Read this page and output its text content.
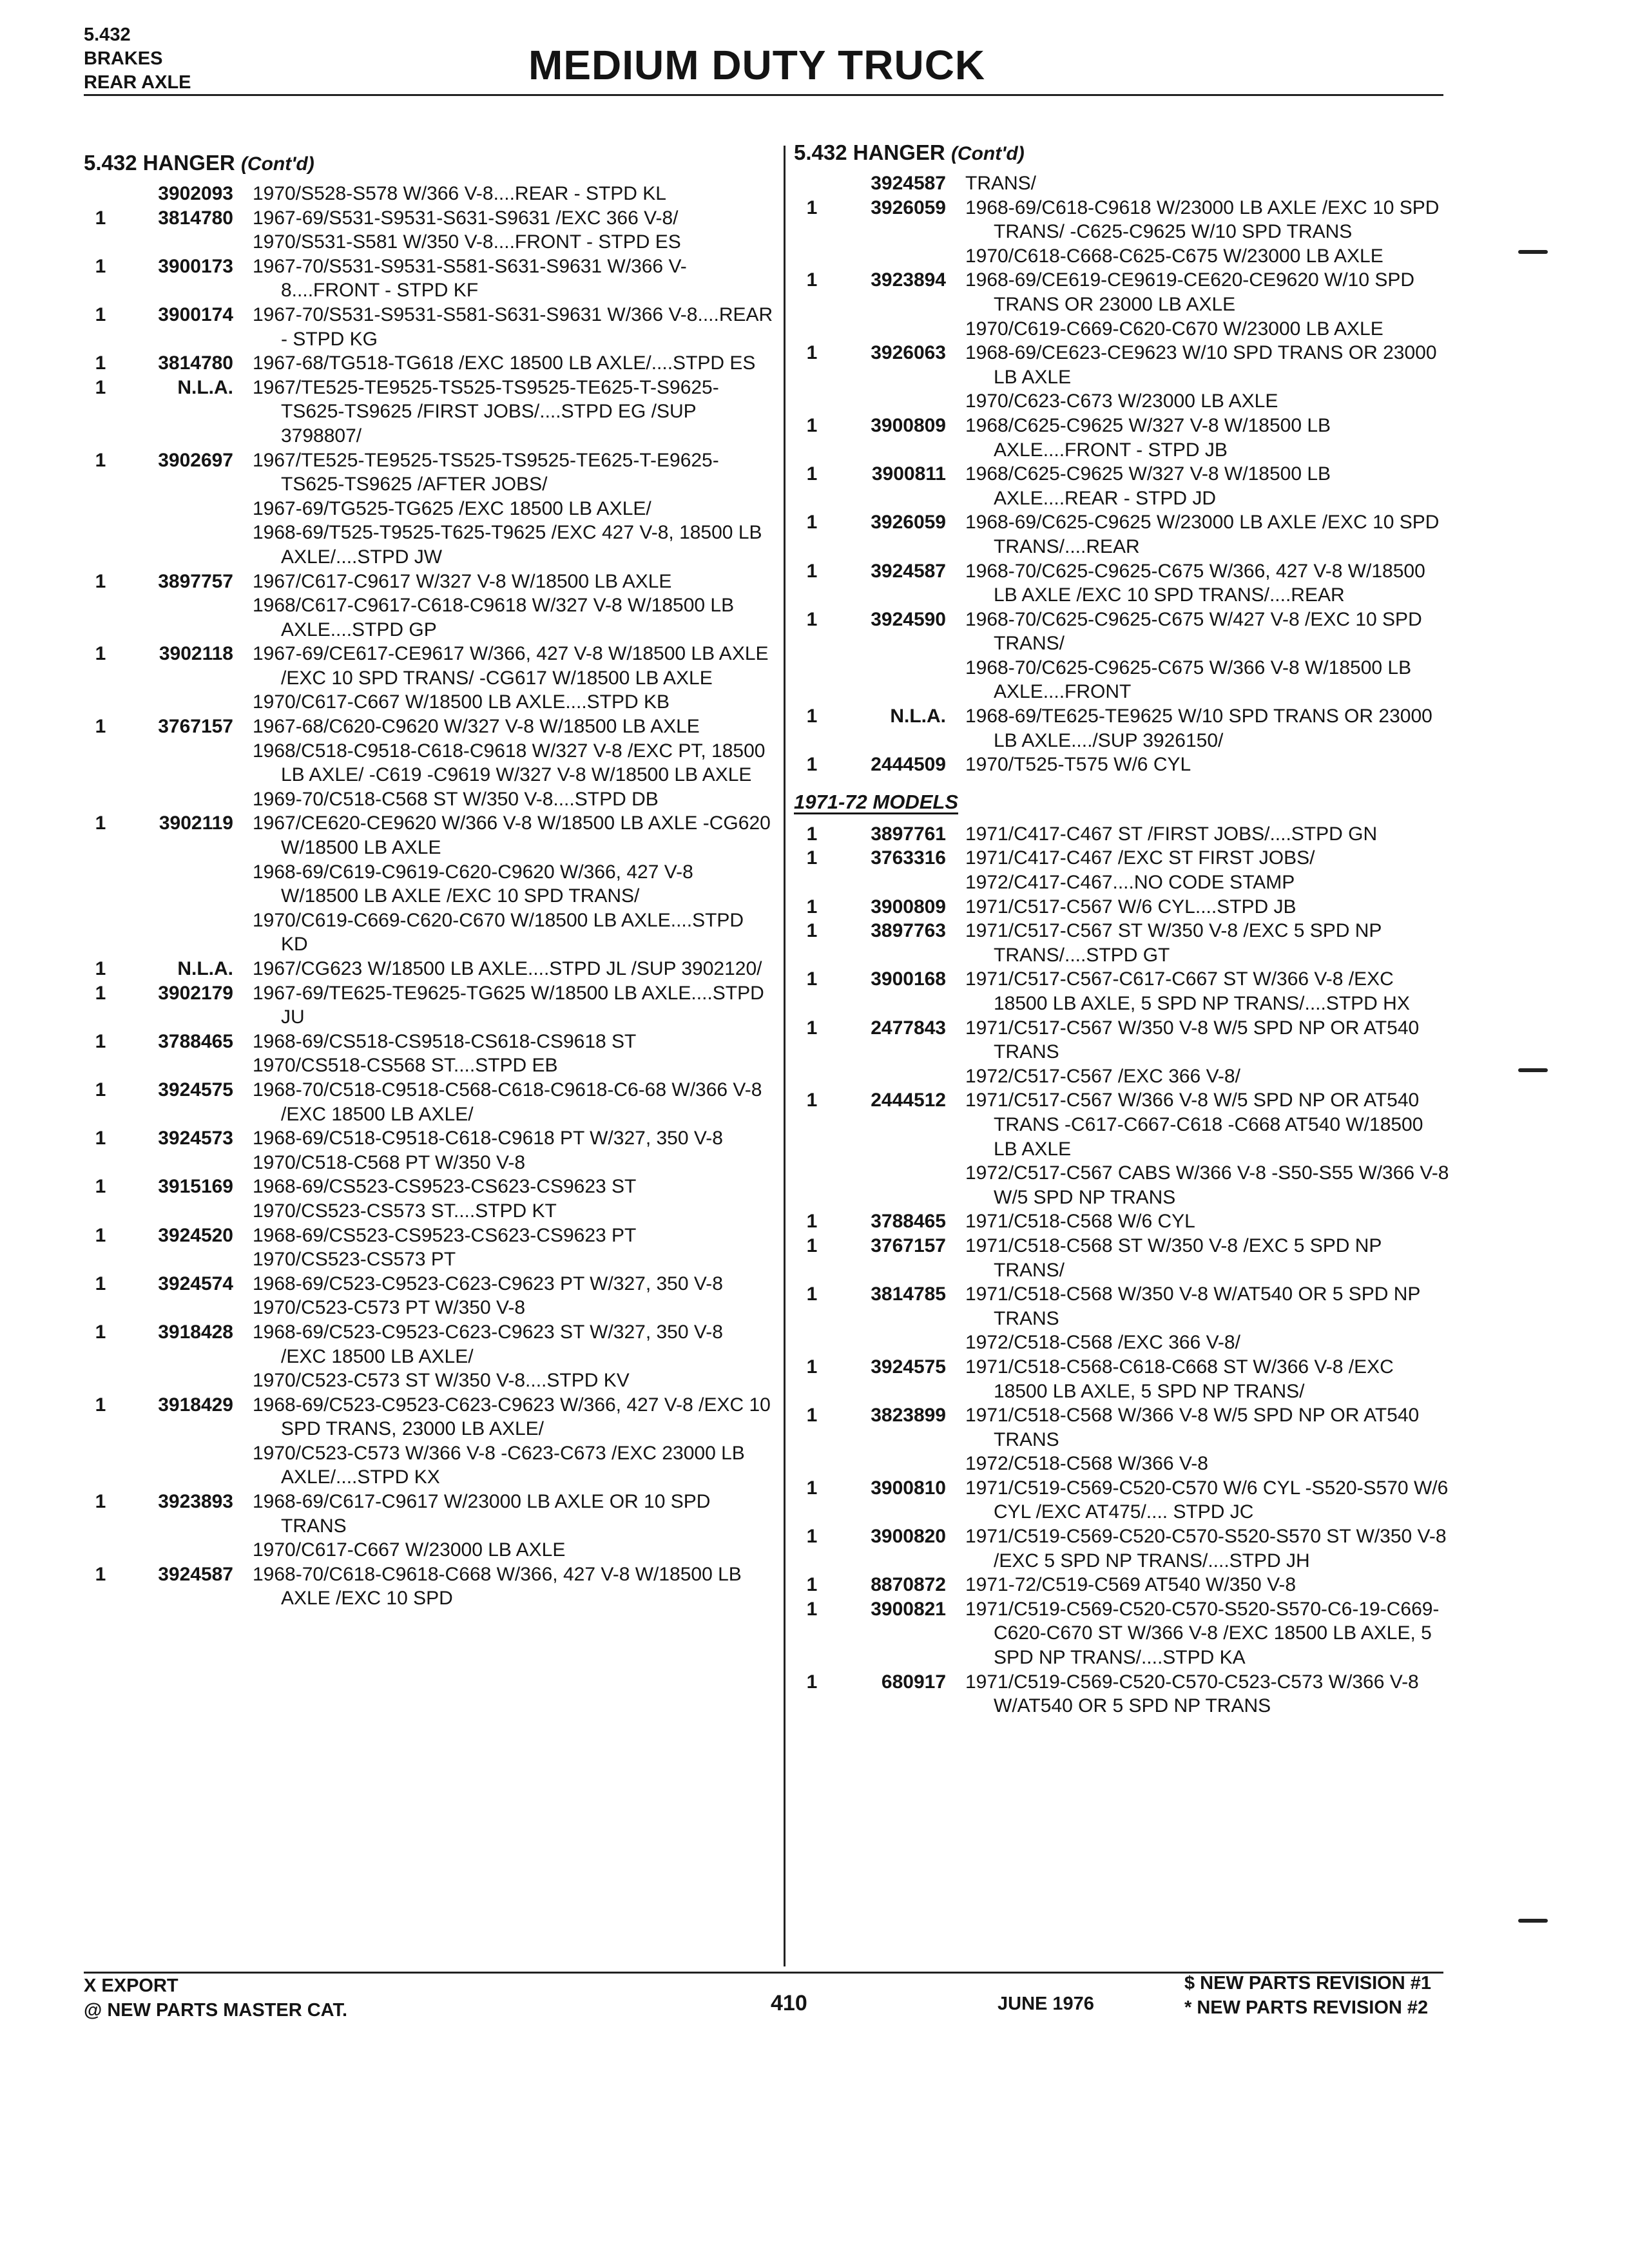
5.432
BRAKES
REAR AXLE	MEDIUM DUTY TRUCK
5.432 HANGER (Cont'd)
3902093 1970/S528-S578 W/366 V-8....REAR - STPD KL
1	3814780 1967-69/S531-S9531-S631-S9631 /EXC 366 V-8/
1970/S531-S581 W/350 V-8....FRONT - STPD ES
1	3900173 1967-70/S531-S9531-S581-S631-S9631 W/366 V-8....FRONT - STPD KF
1	3900174 1967-70/S531-S9531-S581-S631-S9631 W/366 V-8....REAR - STPD KG
1	3814780 1967-68/TG518-TG618 /EXC 18500 LB AXLE/....STPD ES
1	N.L.A. 1967/TE525-TE9525-TS525-TS9525-TE625-T-S9625-TS625-TS9625 /FIRST JOBS/....STPD EG /SUP 3798807/
1	3902697 1967/TE525-TE9525-TS525-TS9525-TE625-T-E9625-TS625-TS9625 /AFTER JOBS/
1967-69/TG525-TG625 /EXC 18500 LB AXLE/
1968-69/T525-T9525-T625-T9625 /EXC 427 V-8, 18500 LB AXLE/....STPD JW
1	3897757 1967/C617-C9617 W/327 V-8 W/18500 LB AXLE
1968/C617-C9617-C618-C9618 W/327 V-8 W/18500 LB AXLE....STPD GP
1	3902118 1967-69/CE617-CE9617 W/366, 427 V-8 W/18500 LB AXLE /EXC 10 SPD TRANS/ -CG617 W/18500 LB AXLE
1970/C617-C667 W/18500 LB AXLE....STPD KB
1	3767157 1967-68/C620-C9620 W/327 V-8 W/18500 LB AXLE
1968/C518-C9518-C618-C9618 W/327 V-8 /EXC PT, 18500 LB AXLE/ -C619 -C9619 W/327 V-8 W/18500 LB AXLE
1969-70/C518-C568 ST W/350 V-8....STPD DB
1	3902119 1967/CE620-CE9620 W/366 V-8 W/18500 LB AXLE -CG620 W/18500 LB AXLE
1968-69/C619-C9619-C620-C9620 W/366, 427 V-8 W/18500 LB AXLE /EXC 10 SPD TRANS/
1970/C619-C669-C620-C670 W/18500 LB AXLE....STPD KD
1	N.L.A. 1967/CG623 W/18500 LB AXLE....STPD JL /SUP 3902120/
1	3902179 1967-69/TE625-TE9625-TG625 W/18500 LB AXLE....STPD JU
1	3788465 1968-69/CS518-CS9518-CS618-CS9618 ST
1970/CS518-CS568 ST....STPD EB
1	3924575 1968-70/C518-C9518-C568-C618-C9618-C6-68 W/366 V-8 /EXC 18500 LB AXLE/
1	3924573 1968-69/C518-C9518-C618-C9618 PT W/327, 350 V-8
1970/C518-C568 PT W/350 V-8
1	3915169 1968-69/CS523-CS9523-CS623-CS9623 ST
1970/CS523-CS573 ST....STPD KT
1	3924520 1968-69/CS523-CS9523-CS623-CS9623 PT
1970/CS523-CS573 PT
1	3924574 1968-69/C523-C9523-C623-C9623 PT W/327, 350 V-8
1970/C523-C573 PT W/350 V-8
1	3918428 1968-69/C523-C9523-C623-C9623 ST W/327, 350 V-8 /EXC 18500 LB AXLE/
1970/C523-C573 ST W/350 V-8....STPD KV
1	3918429 1968-69/C523-C9523-C623-C9623 W/366, 427 V-8 /EXC 10 SPD TRANS, 23000 LB AXLE/
1970/C523-C573 W/366 V-8 -C623-C673 /EXC 23000 LB AXLE/....STPD KX
1	3923893 1968-69/C617-C9617 W/23000 LB AXLE OR 10 SPD TRANS
1970/C617-C667 W/23000 LB AXLE
1	3924587 1968-70/C618-C9618-C668 W/366, 427 V-8 W/18500 LB AXLE /EXC 10 SPD
5.432 HANGER (Cont'd)
3924587 TRANS/
1	3926059 1968-69/C618-C9618 W/23000 LB AXLE /EXC 10 SPD TRANS/ -C625-C9625 W/10 SPD TRANS
1970/C618-C668-C625-C675 W/23000 LB AXLE
1	3923894 1968-69/CE619-CE9619-CE620-CE9620 W/10 SPD TRANS OR 23000 LB AXLE
1970/C619-C669-C620-C670 W/23000 LB AXLE
1	3926063 1968-69/CE623-CE9623 W/10 SPD TRANS OR 23000 LB AXLE
1970/C623-C673 W/23000 LB AXLE
1	3900809 1968/C625-C9625 W/327 V-8 W/18500 LB AXLE....FRONT - STPD JB
1	3900811 1968/C625-C9625 W/327 V-8 W/18500 LB AXLE....REAR - STPD JD
1	3926059 1968-69/C625-C9625 W/23000 LB AXLE /EXC 10 SPD TRANS/....REAR
1	3924587 1968-70/C625-C9625-C675 W/366, 427 V-8 W/18500 LB AXLE /EXC 10 SPD TRANS/....REAR
1	3924590 1968-70/C625-C9625-C675 W/427 V-8 /EXC 10 SPD TRANS/
1968-70/C625-C9625-C675 W/366 V-8 W/18500 LB AXLE....FRONT
1	N.L.A. 1968-69/TE625-TE9625 W/10 SPD TRANS OR 23000 LB AXLE..../SUP 3926150/
1	2444509 1970/T525-T575 W/6 CYL
1971-72 MODELS
1	3897761 1971/C417-C467 ST /FIRST JOBS/....STPD GN
1	3763316 1971/C417-C467 /EXC ST FIRST JOBS/
1972/C417-C467....NO CODE STAMP
1	3900809 1971/C517-C567 W/6 CYL....STPD JB
1	3897763 1971/C517-C567 ST W/350 V-8 /EXC 5 SPD NP TRANS/....STPD GT
1	3900168 1971/C517-C567-C617-C667 ST W/366 V-8 /EXC 18500 LB AXLE, 5 SPD NP TRANS/....STPD HX
1	2477843 1971/C517-C567 W/350 V-8 W/5 SPD NP OR AT540 TRANS
1972/C517-C567 /EXC 366 V-8/
1	2444512 1971/C517-C567 W/366 V-8 W/5 SPD NP OR AT540 TRANS -C617-C667-C618 -C668 AT540 W/18500 LB AXLE
1972/C517-C567 CABS W/366 V-8 -S50-S55 W/366 V-8 W/5 SPD NP TRANS
1	3788465 1971/C518-C568 W/6 CYL
1	3767157 1971/C518-C568 ST W/350 V-8 /EXC 5 SPD NP TRANS/
1	3814785 1971/C518-C568 W/350 V-8 W/AT540 OR 5 SPD NP TRANS
1972/C518-C568 /EXC 366 V-8/
1	3924575 1971/C518-C568-C618-C668 ST W/366 V-8 /EXC 18500 LB AXLE, 5 SPD NP TRANS/
1	3823899 1971/C518-C568 W/366 V-8 W/5 SPD NP OR AT540 TRANS
1972/C518-C568 W/366 V-8
1	3900810 1971/C519-C569-C520-C570 W/6 CYL -S520-S570 W/6 CYL /EXC AT475/.... STPD JC
1	3900820 1971/C519-C569-C520-C570-S520-S570 ST W/350 V-8 /EXC 5 SPD NP TRANS/....STPD JH
1	8870872 1971-72/C519-C569 AT540 W/350 V-8
1	3900821 1971/C519-C569-C520-C570-S520-S570-C6-19-C669-C620-C670 ST W/366 V-8 /EXC 18500 LB AXLE, 5 SPD NP TRANS/....STPD KA
1	680917 1971/C519-C569-C520-C570-C523-C573 W/366 V-8 W/AT540 OR 5 SPD NP TRANS
X EXPORT
@ NEW PARTS MASTER CAT.	410	JUNE 1976
$ NEW PARTS REVISION #1
* NEW PARTS REVISION #2
